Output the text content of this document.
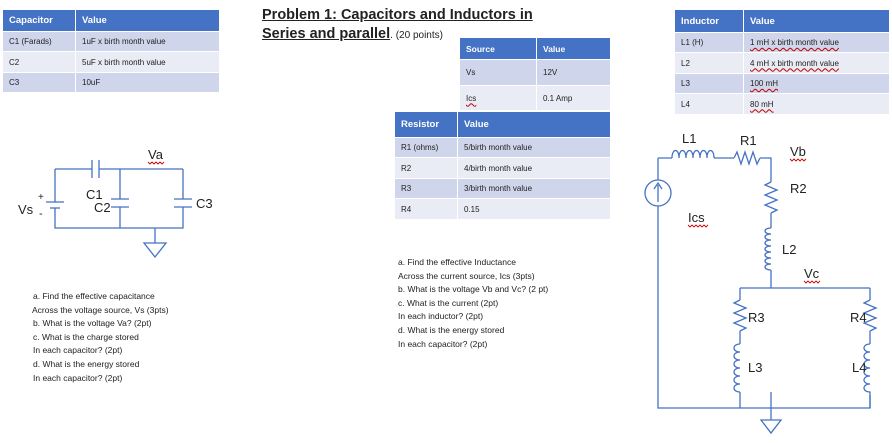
Problem 1: Capacitors and Inductors in
Series and parallel. (20 points)
Capacitor	Value
C1 (Farads)	1uF x birth month value
C2	5uF x birth month value
C3	10uF
Source	Value
Vs	12V
Ics	0.1 Amp
Resistor	Value
R1 (ohms)	5/birth month value
R2	4/birth month value
R3	3/birth month value
R4	0.15
Inductor	Value
L1 (H)	1 mH x birth month value
L2	4 mH x birth month value
L3	100 mH
L4	80 mH

a. Find the effective capacitance

Across the voltage source, Vs (3pts)

b. What is the voltage Va? (2pt)

c. What is the charge stored

In each capacitor? (2pt)

d. What is the energy stored

In each capacitor? (2pt)

a. Find the effective Inductance

Across the current source, Ics (3pts)

b. What is the voltage Vb and Vc? (2 pt)

c. What is the current (2pt)

In each inductor? (2pt)

d. What is the energy stored

In each capacitor? (2pt)

Va
Vs
C1
C2	C3
+
-
L1	R1
Vb
R2
Ics
L2
Vc
R3	R4
L3	L4
